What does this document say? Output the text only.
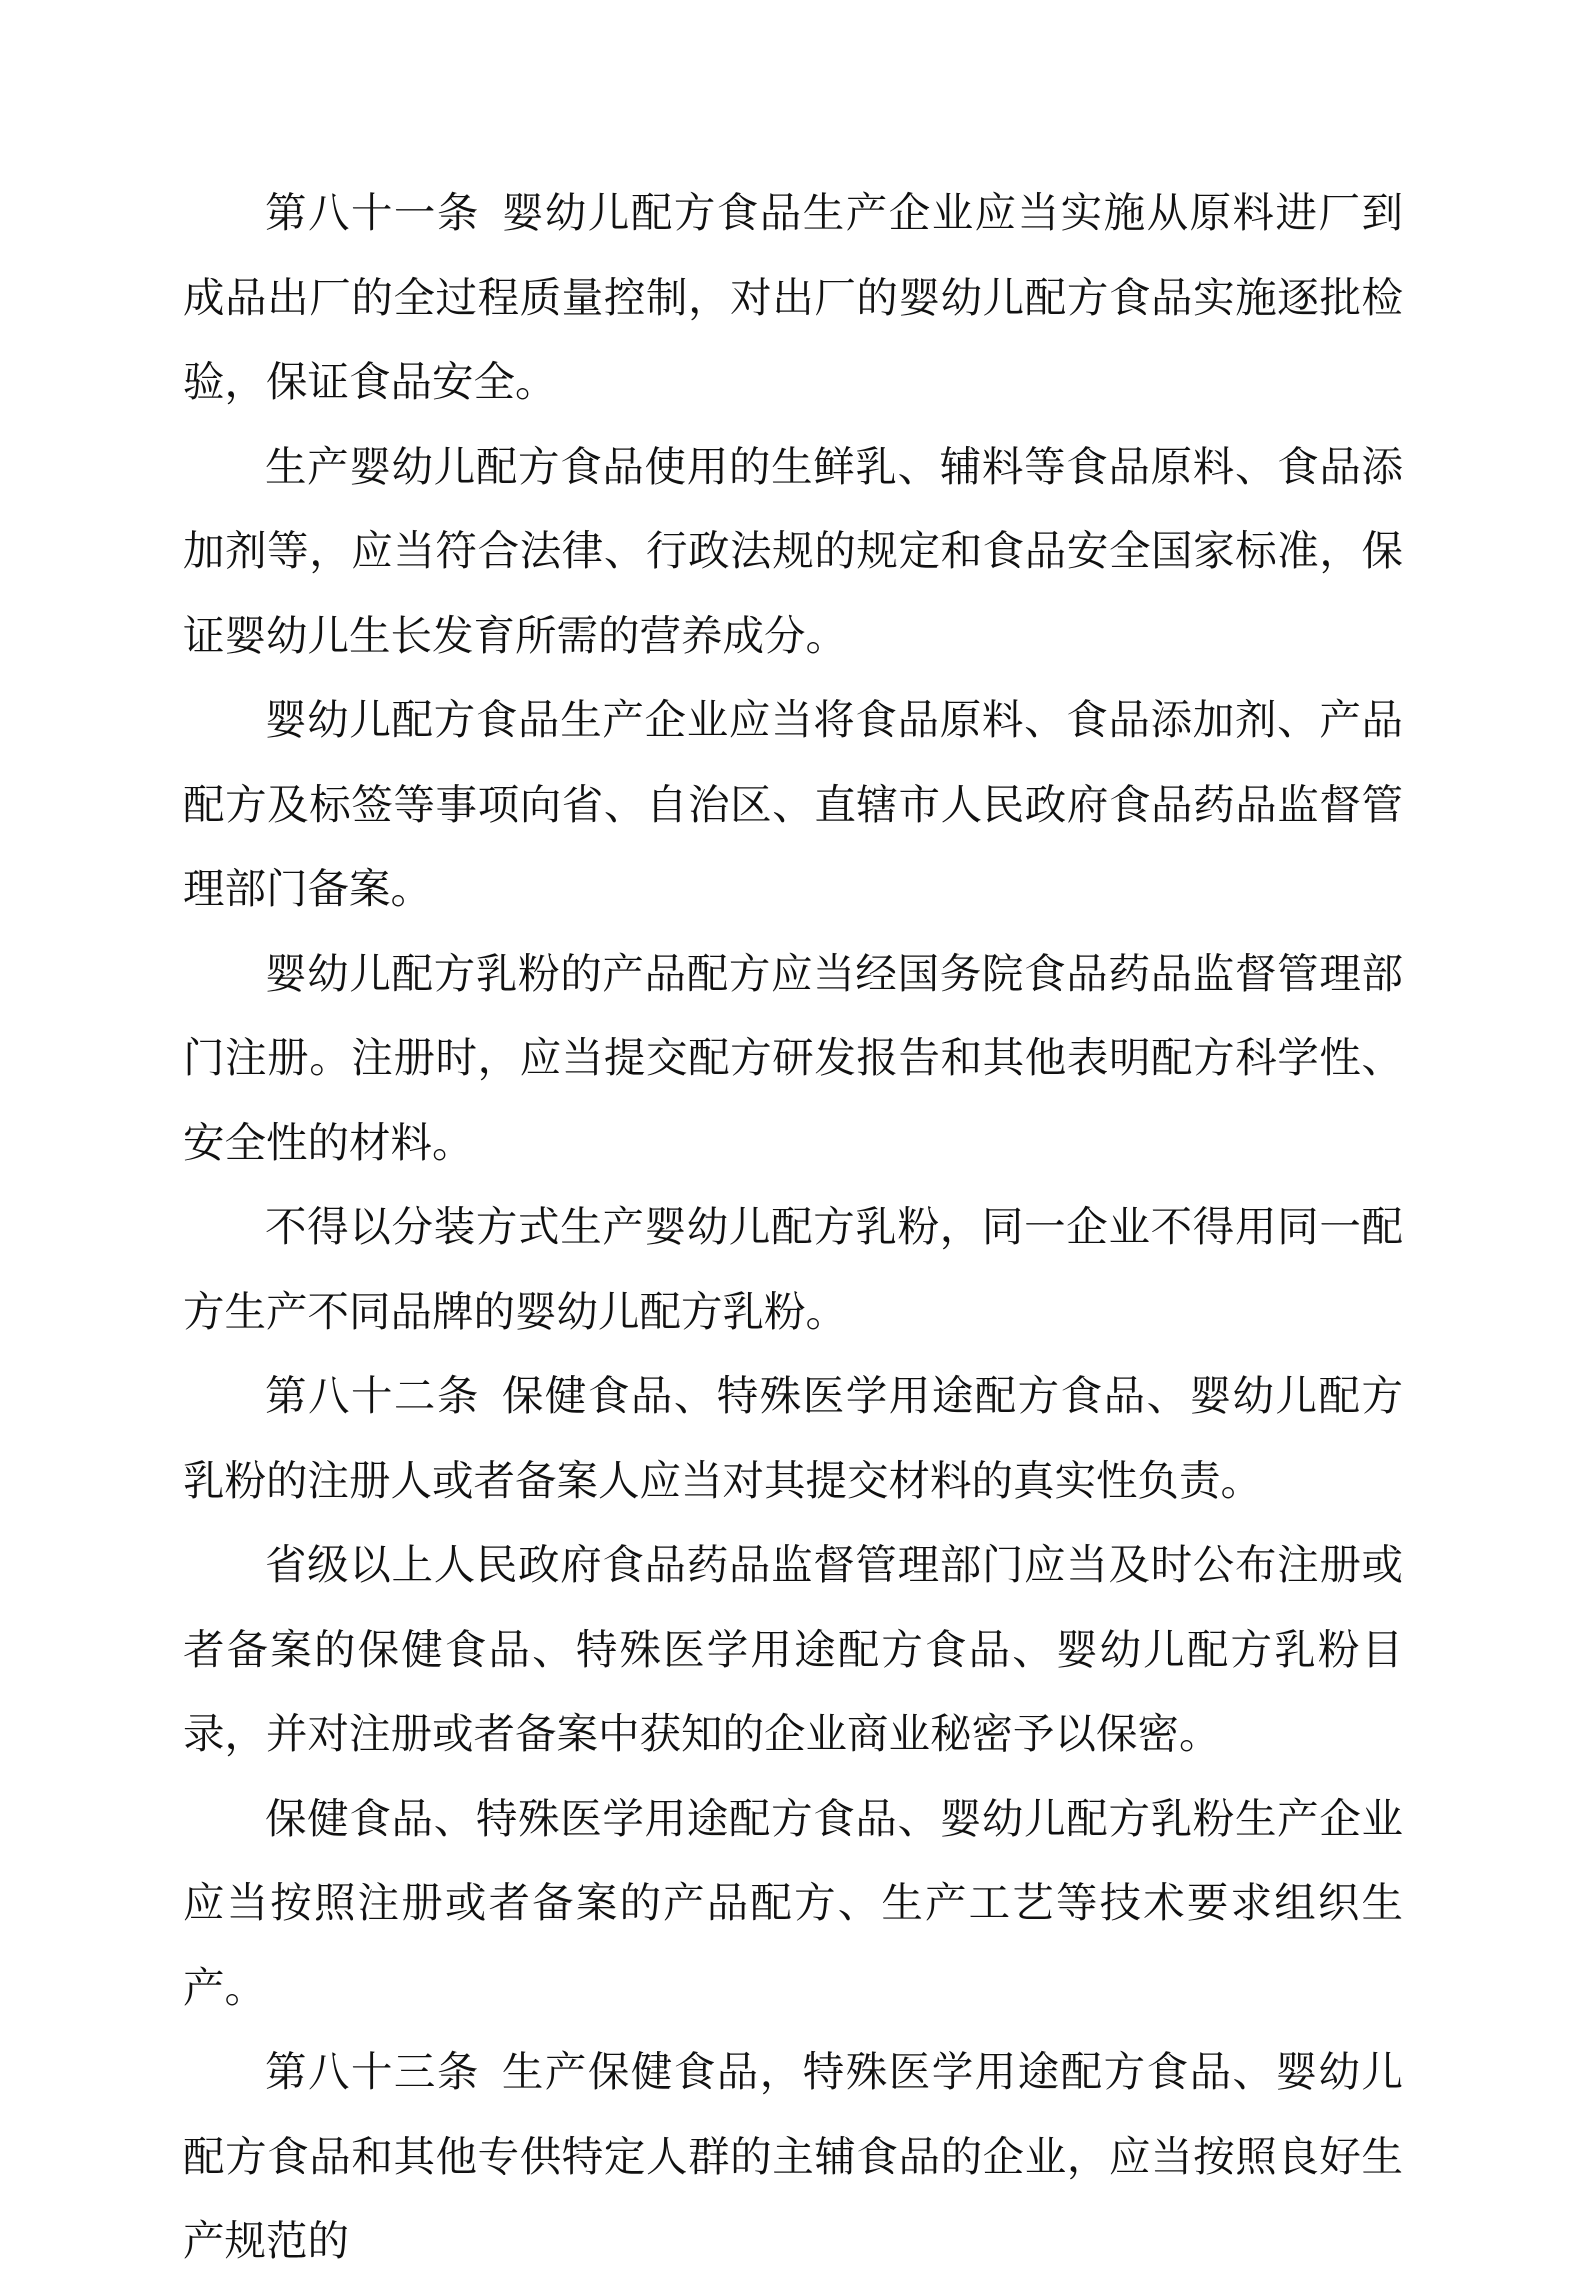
第八十一条 婴幼儿配方食品生产企业应当实施从原料进厂到成品出厂的全过程质量控制，对出厂的婴幼儿配方食品实施逐批检验，保证食品安全。

生产婴幼儿配方食品使用的生鲜乳、辅料等食品原料、食品添加剂等，应当符合法律、行政法规的规定和食品安全国家标准，保证婴幼儿生长发育所需的营养成分。

婴幼儿配方食品生产企业应当将食品原料、食品添加剂、产品配方及标签等事项向省、自治区、直辖市人民政府食品药品监督管理部门备案。

婴幼儿配方乳粉的产品配方应当经国务院食品药品监督管理部门注册。注册时，应当提交配方研发报告和其他表明配方科学性、安全性的材料。

不得以分装方式生产婴幼儿配方乳粉，同一企业不得用同一配方生产不同品牌的婴幼儿配方乳粉。

第八十二条 保健食品、特殊医学用途配方食品、婴幼儿配方乳粉的注册人或者备案人应当对其提交材料的真实性负责。

省级以上人民政府食品药品监督管理部门应当及时公布注册或者备案的保健食品、特殊医学用途配方食品、婴幼儿配方乳粉目录，并对注册或者备案中获知的企业商业秘密予以保密。

保健食品、特殊医学用途配方食品、婴幼儿配方乳粉生产企业应当按照注册或者备案的产品配方、生产工艺等技术要求组织生产。

第八十三条 生产保健食品，特殊医学用途配方食品、婴幼儿配方食品和其他专供特定人群的主辅食品的企业，应当按照良好生产规范的
